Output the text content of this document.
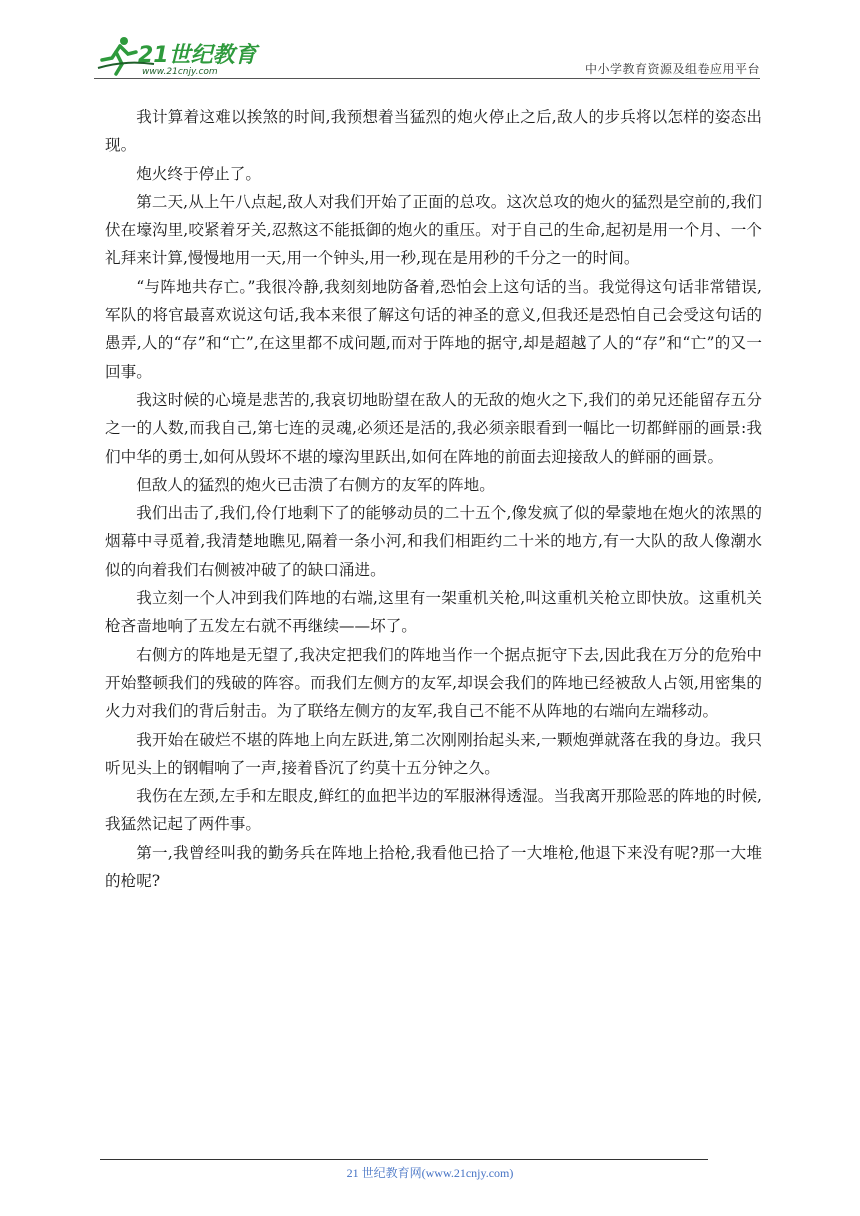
21世纪教育
www.21cnjy.com	中小学教育资源及组卷应用平台

我计算着这难以挨煞的时间,我预想着当猛烈的炮火停止之后,敌人的步兵将以怎样的姿态出现。

炮火终于停止了。

第二天,从上午八点起,敌人对我们开始了正面的总攻。这次总攻的炮火的猛烈是空前的,我们伏在壕沟里,咬紧着牙关,忍熬这不能抵御的炮火的重压。对于自己的生命,起初是用一个月、一个礼拜来计算,慢慢地用一天,用一个钟头,用一秒,现在是用秒的千分之一的时间。

“与阵地共存亡。”我很冷静,我刻刻地防备着,恐怕会上这句话的当。我觉得这句话非常错误,军队的将官最喜欢说这句话,我本来很了解这句话的神圣的意义,但我还是恐怕自己会受这句话的愚弄,人的“存”和“亡”,在这里都不成问题,而对于阵地的据守,却是超越了人的“存”和“亡”的又一回事。

我这时候的心境是悲苦的,我哀切地盼望在敌人的无敌的炮火之下,我们的弟兄还能留存五分之一的人数,而我自己,第七连的灵魂,必须还是活的,我必须亲眼看到一幅比一切都鲜丽的画景:我们中华的勇士,如何从毁坏不堪的壕沟里跃出,如何在阵地的前面去迎接敌人的鲜丽的画景。

但敌人的猛烈的炮火已击溃了右侧方的友军的阵地。

我们出击了,我们,伶仃地剩下了的能够动员的二十五个,像发疯了似的晕蒙地在炮火的浓黑的烟幕中寻觅着,我清楚地瞧见,隔着一条小河,和我们相距约二十米的地方,有一大队的敌人像潮水似的向着我们右侧被冲破了的缺口涌进。

我立刻一个人冲到我们阵地的右端,这里有一架重机关枪,叫这重机关枪立即快放。这重机关枪吝啬地响了五发左右就不再继续——坏了。

右侧方的阵地是无望了,我决定把我们的阵地当作一个据点扼守下去,因此我在万分的危殆中开始整顿我们的残破的阵容。而我们左侧方的友军,却误会我们的阵地已经被敌人占领,用密集的火力对我们的背后射击。为了联络左侧方的友军,我自己不能不从阵地的右端向左端移动。

我开始在破烂不堪的阵地上向左跃进,第二次刚刚抬起头来,一颗炮弹就落在我的身边。我只听见头上的钢帽响了一声,接着昏沉了约莫十五分钟之久。

我伤在左颈,左手和左眼皮,鲜红的血把半边的军服淋得透湿。当我离开那险恶的阵地的时候,我猛然记起了两件事。

第一,我曾经叫我的勤务兵在阵地上拾枪,我看他已拾了一大堆枪,他退下来没有呢?那一大堆的枪呢?

21 世纪教育网(www.21cnjy.com)
